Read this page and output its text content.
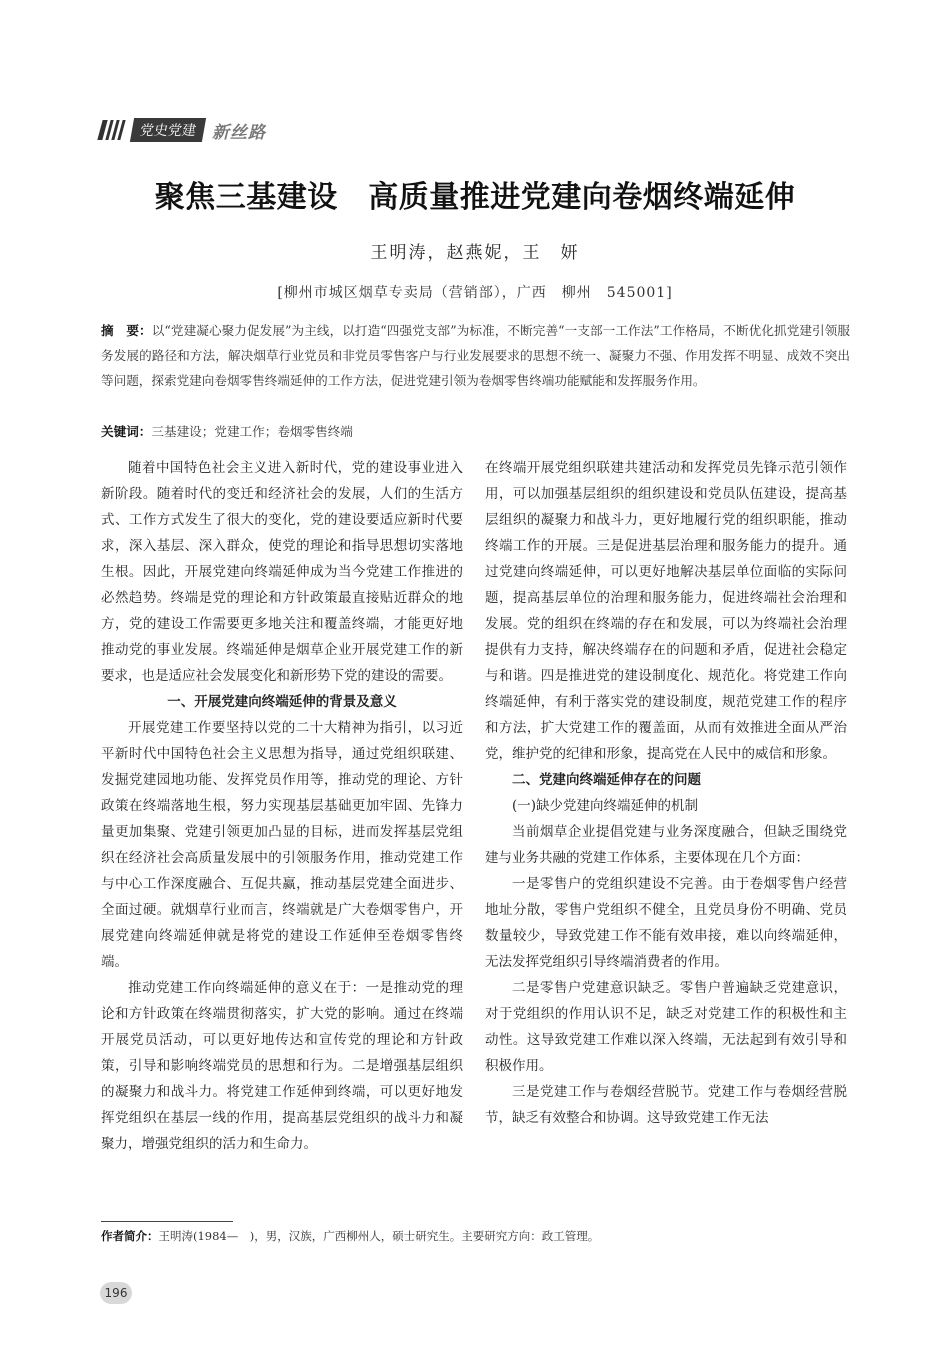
党史党建 新丝路
聚焦三基建设　高质量推进党建向卷烟终端延伸
王明涛，赵燕妮，王　妍
[柳州市城区烟草专卖局（营销部），广西　柳州　545001]
摘　要：以“党建凝心聚力促发展”为主线，以打造“四强党支部”为标准，不断完善“一支部一工作法”工作格局，不断优化抓党建引领服务发展的路径和方法，解决烟草行业党员和非党员零售客户与行业发展要求的思想不统一、凝聚力不强、作用发挥不明显、成效不突出等问题，探索党建向卷烟零售终端延伸的工作方法，促进党建引领为卷烟零售终端功能赋能和发挥服务作用。
关键词：三基建设；党建工作；卷烟零售终端

随着中国特色社会主义进入新时代，党的建设事业进入新阶段。随着时代的变迁和经济社会的发展，人们的生活方式、工作方式发生了很大的变化，党的建设要适应新时代要求，深入基层、深入群众，使党的理论和指导思想切实落地生根。因此，开展党建向终端延伸成为当今党建工作推进的必然趋势。终端是党的理论和方针政策最直接贴近群众的地方，党的建设工作需要更多地关注和覆盖终端，才能更好地推动党的事业发展。终端延伸是烟草企业开展党建工作的新要求，也是适应社会发展变化和新形势下党的建设的需要。

一、开展党建向终端延伸的背景及意义

开展党建工作要坚持以党的二十大精神为指引，以习近平新时代中国特色社会主义思想为指导，通过党组织联建、发掘党建园地功能、发挥党员作用等，推动党的理论、方针政策在终端落地生根，努力实现基层基础更加牢固、先锋力量更加集聚、党建引领更加凸显的目标，进而发挥基层党组织在经济社会高质量发展中的引领服务作用，推动党建工作与中心工作深度融合、互促共赢，推动基层党建全面进步、全面过硬。就烟草行业而言，终端就是广大卷烟零售户，开展党建向终端延伸就是将党的建设工作延伸至卷烟零售终端。

推动党建工作向终端延伸的意义在于：一是推动党的理论和方针政策在终端贯彻落实，扩大党的影响。通过在终端开展党员活动，可以更好地传达和宣传党的理论和方针政策，引导和影响终端党员的思想和行为。二是增强基层组织的凝聚力和战斗力。将党建工作延伸到终端，可以更好地发挥党组织在基层一线的作用，提高基层党组织的战斗力和凝聚力，增强党组织的活力和生命力。

在终端开展党组织联建共建活动和发挥党员先锋示范引领作用，可以加强基层组织的组织建设和党员队伍建设，提高基层组织的凝聚力和战斗力，更好地履行党的组织职能，推动终端工作的开展。三是促进基层治理和服务能力的提升。通过党建向终端延伸，可以更好地解决基层单位面临的实际问题，提高基层单位的治理和服务能力，促进终端社会治理和发展。党的组织在终端的存在和发展，可以为终端社会治理提供有力支持，解决终端存在的问题和矛盾，促进社会稳定与和谐。四是推进党的建设制度化、规范化。将党建工作向终端延伸，有利于落实党的建设制度，规范党建工作的程序和方法，扩大党建工作的覆盖面，从而有效推进全面从严治党，维护党的纪律和形象，提高党在人民中的威信和形象。

二、党建向终端延伸存在的问题
(一)缺少党建向终端延伸的机制

当前烟草企业提倡党建与业务深度融合，但缺乏围绕党建与业务共融的党建工作体系，主要体现在几个方面：

一是零售户的党组织建设不完善。由于卷烟零售户经营地址分散，零售户党组织不健全，且党员身份不明确、党员数量较少，导致党建工作不能有效串接，难以向终端延伸，无法发挥党组织引导终端消费者的作用。

二是零售户党建意识缺乏。零售户普遍缺乏党建意识，对于党组织的作用认识不足，缺乏对党建工作的积极性和主动性。这导致党建工作难以深入终端，无法起到有效引导和积极作用。

三是党建工作与卷烟经营脱节。党建工作与卷烟经营脱节，缺乏有效整合和协调。这导致党建工作无法

作者简介：王明涛(1984—　)，男，汉族，广西柳州人，硕士研究生。主要研究方向：政工管理。
196
